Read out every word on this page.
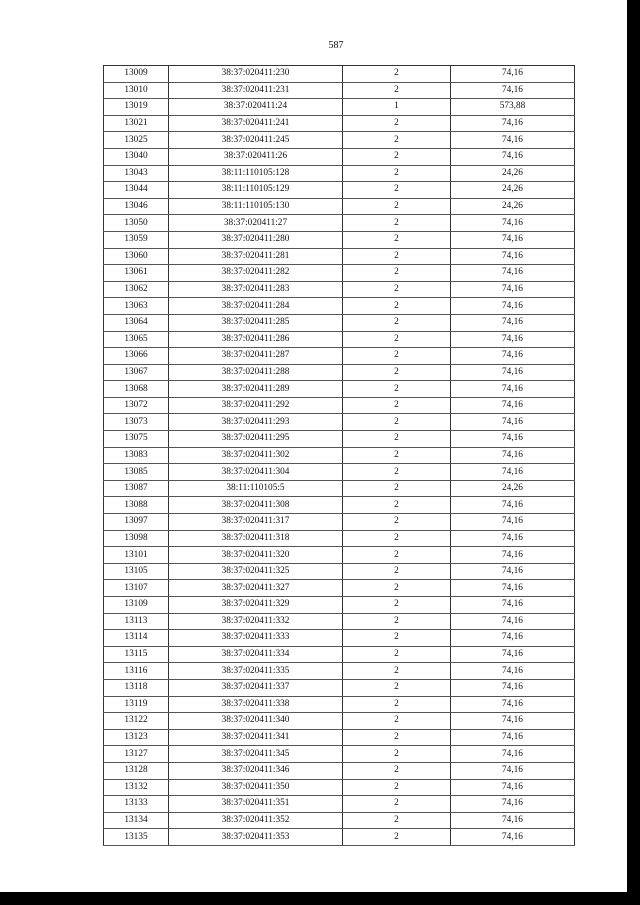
587
13009	38:37:020411:230	2	74,16
13010	38:37:020411:231	2	74,16
13019	38:37:020411:24	1	573,88
13021	38:37:020411:241	2	74,16
13025	38:37:020411:245	2	74,16
13040	38:37:020411:26	2	74,16
13043	38:11:110105:128	2	24,26
13044	38:11:110105:129	2	24,26
13046	38:11:110105:130	2	24,26
13050	38:37:020411:27	2	74,16
13059	38:37:020411:280	2	74,16
13060	38:37:020411:281	2	74,16
13061	38:37:020411:282	2	74,16
13062	38:37:020411:283	2	74,16
13063	38:37:020411:284	2	74,16
13064	38:37:020411:285	2	74,16
13065	38:37:020411:286	2	74,16
13066	38:37:020411:287	2	74,16
13067	38:37:020411:288	2	74,16
13068	38:37:020411:289	2	74,16
13072	38:37:020411:292	2	74,16
13073	38:37:020411:293	2	74,16
13075	38:37:020411:295	2	74,16
13083	38:37:020411:302	2	74,16
13085	38:37:020411:304	2	74,16
13087	38:11:110105:5	2	24,26
13088	38:37:020411:308	2	74,16
13097	38:37:020411:317	2	74,16
13098	38:37:020411:318	2	74,16
13101	38:37:020411:320	2	74,16
13105	38:37:020411:325	2	74,16
13107	38:37:020411:327	2	74,16
13109	38:37:020411:329	2	74,16
13113	38:37:020411:332	2	74,16
13114	38:37:020411:333	2	74,16
13115	38:37:020411:334	2	74,16
13116	38:37:020411:335	2	74,16
13118	38:37:020411:337	2	74,16
13119	38:37:020411:338	2	74,16
13122	38:37:020411:340	2	74,16
13123	38:37:020411:341	2	74,16
13127	38:37:020411:345	2	74,16
13128	38:37:020411:346	2	74,16
13132	38:37:020411:350	2	74,16
13133	38:37:020411:351	2	74,16
13134	38:37:020411:352	2	74,16
13135	38:37:020411:353	2	74,16
